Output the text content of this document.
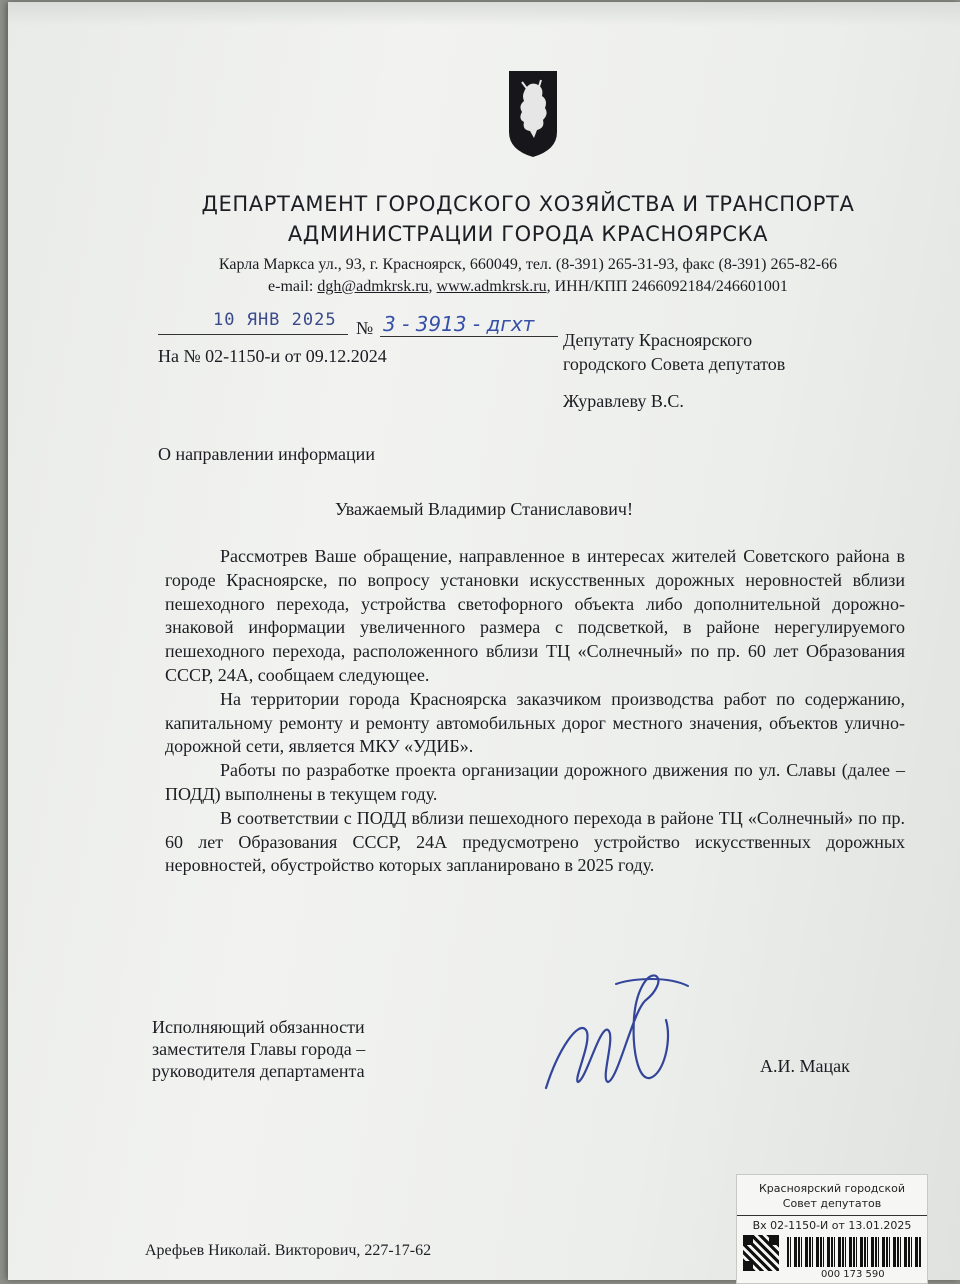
ДЕПАРТАМЕНТ ГОРОДСКОГО ХОЗЯЙСТВА И ТРАНСПОРТА
АДМИНИСТРАЦИИ ГОРОДА КРАСНОЯРСКА
Карла Маркса ул., 93, г. Красноярск, 660049, тел. (8-391) 265-31-93, факс (8-391) 265-82-66
e-mail: dgh@admkrsk.ru, www.admkrsk.ru, ИНН/КПП 2466092184/246601001
10 ЯНВ 2025 № 3 - 3913 - дгхт
На № 02-1150-и от 09.12.2024
Депутату Красноярского
городского Совета депутатов
Журавлеву В.С.
О направлении информации
Уважаемый Владимир Станиславович!

Рассмотрев Ваше обращение, направленное в интересах жителей Советского района в городе Красноярске, по вопросу установки искусственных дорожных неровностей вблизи пешеходного перехода, устройства светофорного объекта либо дополнительной дорожно-знаковой информации увеличенного размера с подсветкой, в районе нерегулируемого пешеходного перехода, расположенного вблизи ТЦ «Солнечный» по пр. 60 лет Образования СССР, 24А, сообщаем следующее.

На территории города Красноярска заказчиком производства работ по содержанию, капитальному ремонту и ремонту автомобильных дорог местного значения, объектов улично-дорожной сети, является МКУ «УДИБ».

Работы по разработке проекта организации дорожного движения по ул. Славы (далее – ПОДД) выполнены в текущем году.

В соответствии с ПОДД вблизи пешеходного перехода в районе ТЦ «Солнечный» по пр. 60 лет Образования СССР, 24А предусмотрено устройство искусственных дорожных неровностей, обустройство которых запланировано в 2025 году.

Исполняющий обязанности
заместителя Главы города –
руководителя департамента	А.И. Мацак
Арефьев Николай. Викторович, 227-17-62
Красноярский городской
Совет депутатов
Вх 02-1150-И от 13.01.2025
000 173 590
